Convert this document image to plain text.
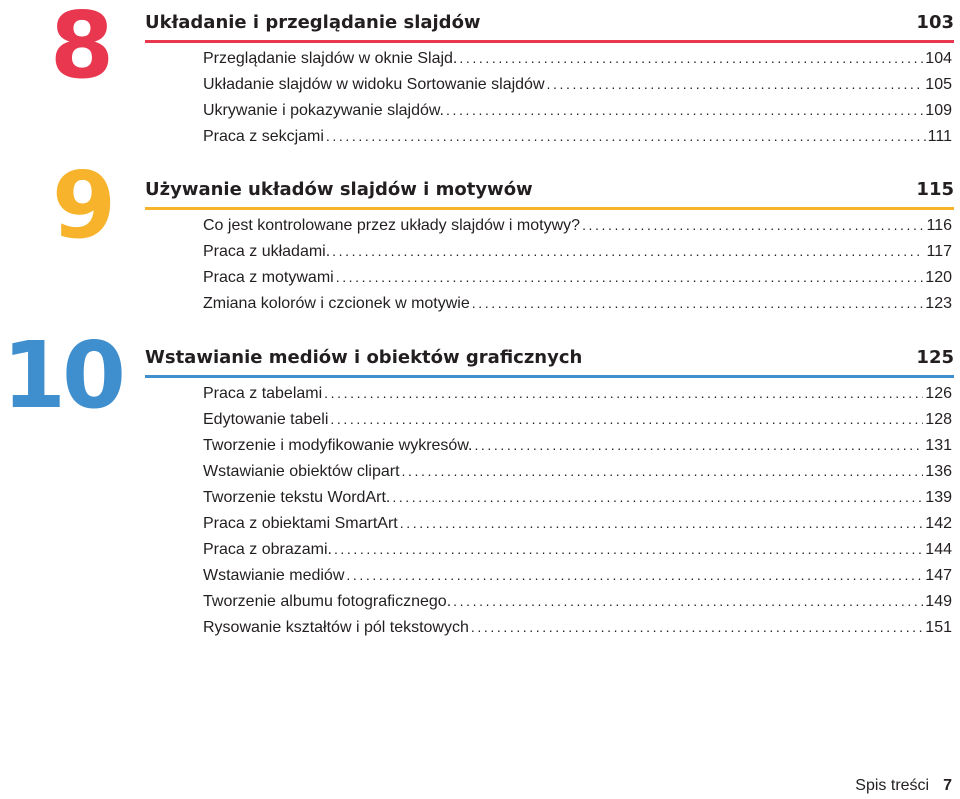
8 Układanie i przeglądanie slajdów	103
Przeglądanie slajdów w oknie Slajd. .....	104
Układanie slajdów w widoku Sortowanie slajdów .....	105
Ukrywanie i pokazywanie slajdów. .....	109
Praca z sekcjami .....	111
9 Używanie układów slajdów i motywów	115
Co jest kontrolowane przez układy slajdów i motywy? .....	116
Praca z układami. .....	117
Praca z motywami .....	120
Zmiana kolorów i czcionek w motywie .....	123
10 Wstawianie mediów i obiektów graficznych	125
Praca z tabelami .....	126
Edytowanie tabeli .....	128
Tworzenie i modyfikowanie wykresów. .....	131
Wstawianie obiektów clipart .....	136
Tworzenie tekstu WordArt. .....	139
Praca z obiektami SmartArt .....	142
Praca z obrazami. .....	144
Wstawianie mediów .....	147
Tworzenie albumu fotograficznego. .....	149
Rysowanie kształtów i pól tekstowych .....	151
Spis treści 7
